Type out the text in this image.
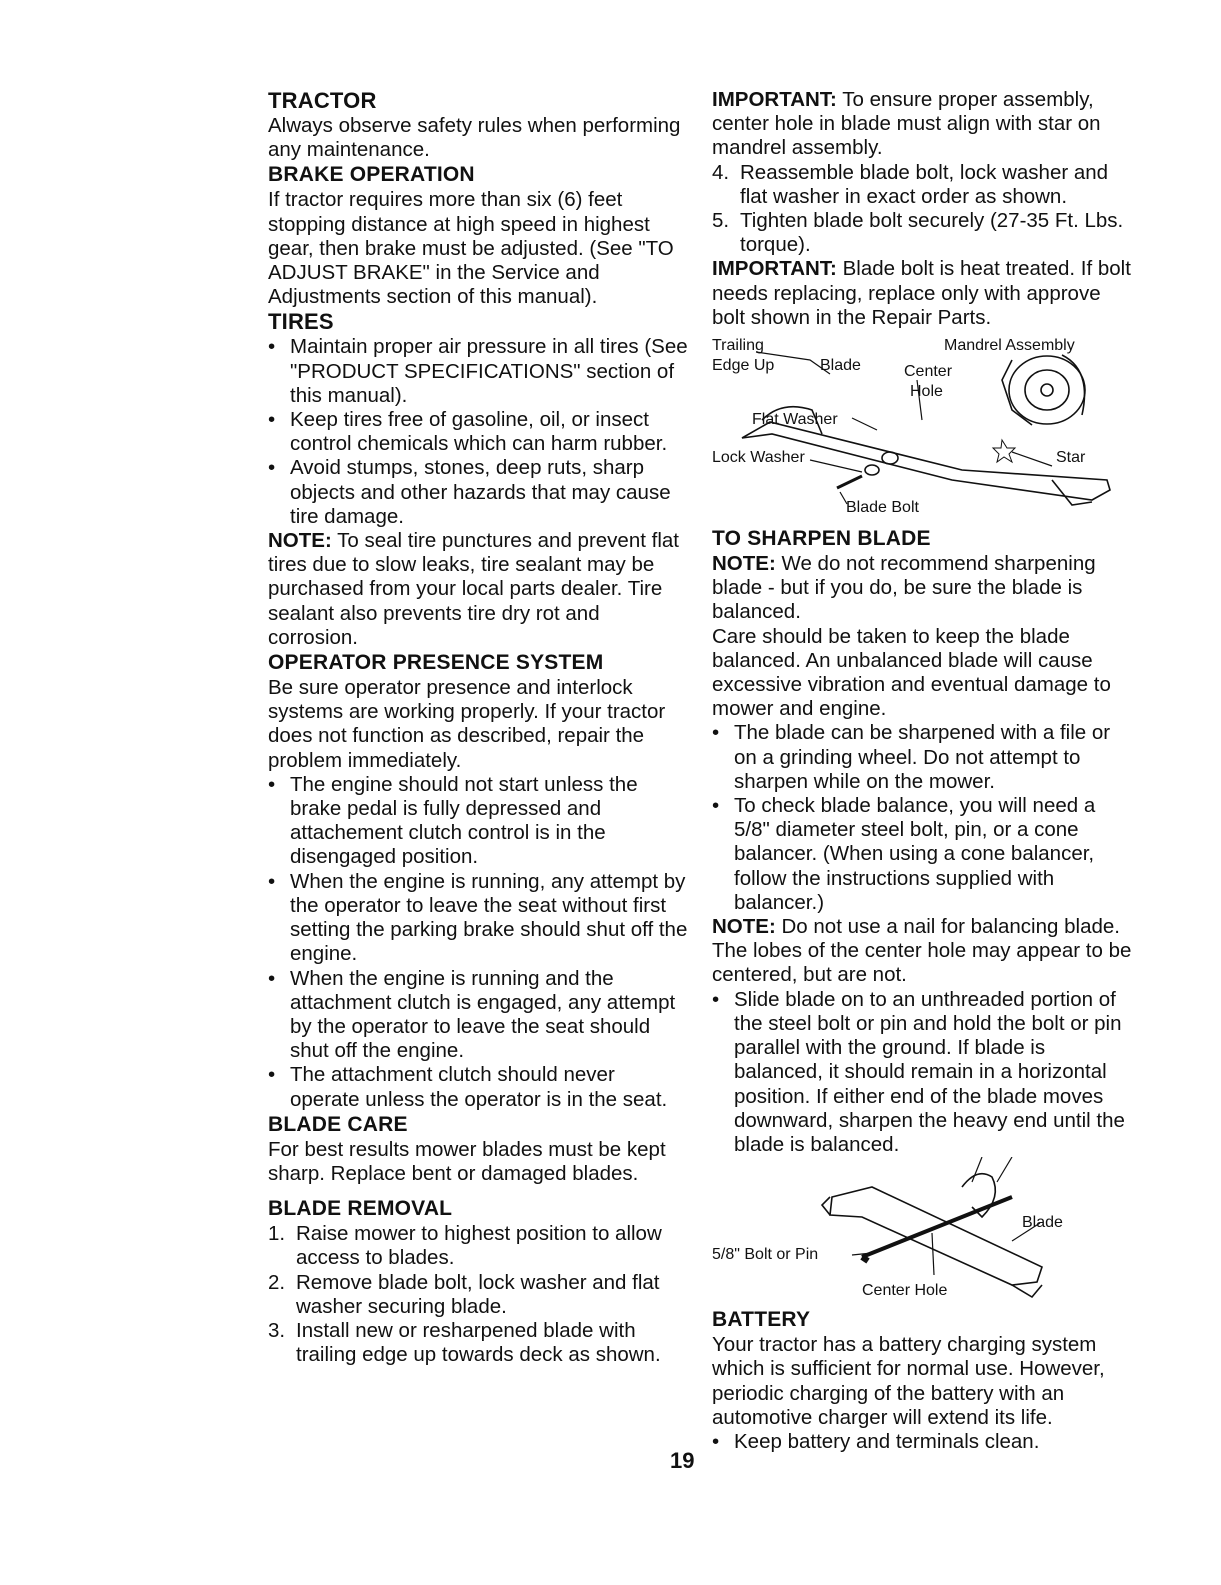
TRACTOR

Always observe safety rules when performing any maintenance.

BRAKE OPERATION

If tractor requires more than six (6) feet stopping distance at high speed in highest gear, then brake must be adjusted. (See "TO ADJUST BRAKE" in the Service and Adjustments section of this manual).

TIRES
• Maintain proper air pressure in all tires (See "PRODUCT SPECIFICATIONS" section of this manual).
• Keep tires free of gasoline, oil, or insect control chemicals which can harm rubber.
• Avoid stumps, stones, deep ruts, sharp objects and other hazards that may cause tire damage.

NOTE: To seal tire punctures and prevent flat tires due to slow leaks, tire sealant may be purchased from your local parts dealer. Tire sealant also prevents tire dry rot and corrosion.

OPERATOR PRESENCE SYSTEM

Be sure operator presence and interlock systems are working properly. If your tractor does not function as described, repair the problem immediately.

• The engine should not start unless the brake pedal is fully depressed and attachement clutch control is in the disengaged position.
• When the engine is running, any attempt by the operator to leave the seat without first setting the parking brake should shut off the engine.
• When the engine is running and the attachment clutch is engaged, any attempt by the operator to leave the seat should shut off the engine.
• The attachment clutch should never operate unless the operator is in the seat.
BLADE CARE

For best results mower blades must be kept sharp. Replace bent or damaged blades.

BLADE REMOVAL
1. Raise mower to highest position to allow access to blades.
2. Remove blade bolt, lock washer and flat washer securing blade.
3. Install new or resharpened blade with trailing edge up towards deck as shown.

IMPORTANT: To ensure proper assembly, center hole in blade must align with star on mandrel assembly.

4. Reassemble blade bolt, lock washer and flat washer in exact order as shown.
5. Tighten blade bolt securely (27-35 Ft. Lbs. torque).

IMPORTANT: Blade bolt is heat treated. If bolt needs replacing, replace only with approve bolt shown in the Repair Parts.

Trailing
Edge Up	Blade
Mandrel Assembly
Center
Hole
Flat Washer
Lock Washer	Star
Blade Bolt
TO SHARPEN BLADE

NOTE: We do not recommend sharpening blade - but if you do, be sure the blade is balanced.

Care should be taken to keep the blade balanced. An unbalanced blade will cause excessive vibration and eventual damage to mower and engine.

• The blade can be sharpened with a file or on a grinding wheel. Do not attempt to sharpen while on the mower.
• To check blade balance, you will need a 5/8" diameter steel bolt, pin, or a cone balancer. (When using a cone balancer, follow the instructions supplied with balancer.)

NOTE: Do not use a nail for balancing blade. The lobes of the center hole may appear to be centered, but are not.

• Slide blade on to an unthreaded portion of the steel bolt or pin and hold the bolt or pin parallel with the ground. If blade is balanced, it should remain in a horizontal position. If either end of the blade moves downward, sharpen the heavy end until the blade is balanced.
5/8" Bolt or Pin
Blade
Center Hole
BATTERY

Your tractor has a battery charging system which is sufficient for normal use. However, periodic charging of the battery with an automotive charger will extend its life.

• Keep battery and terminals clean.
19
